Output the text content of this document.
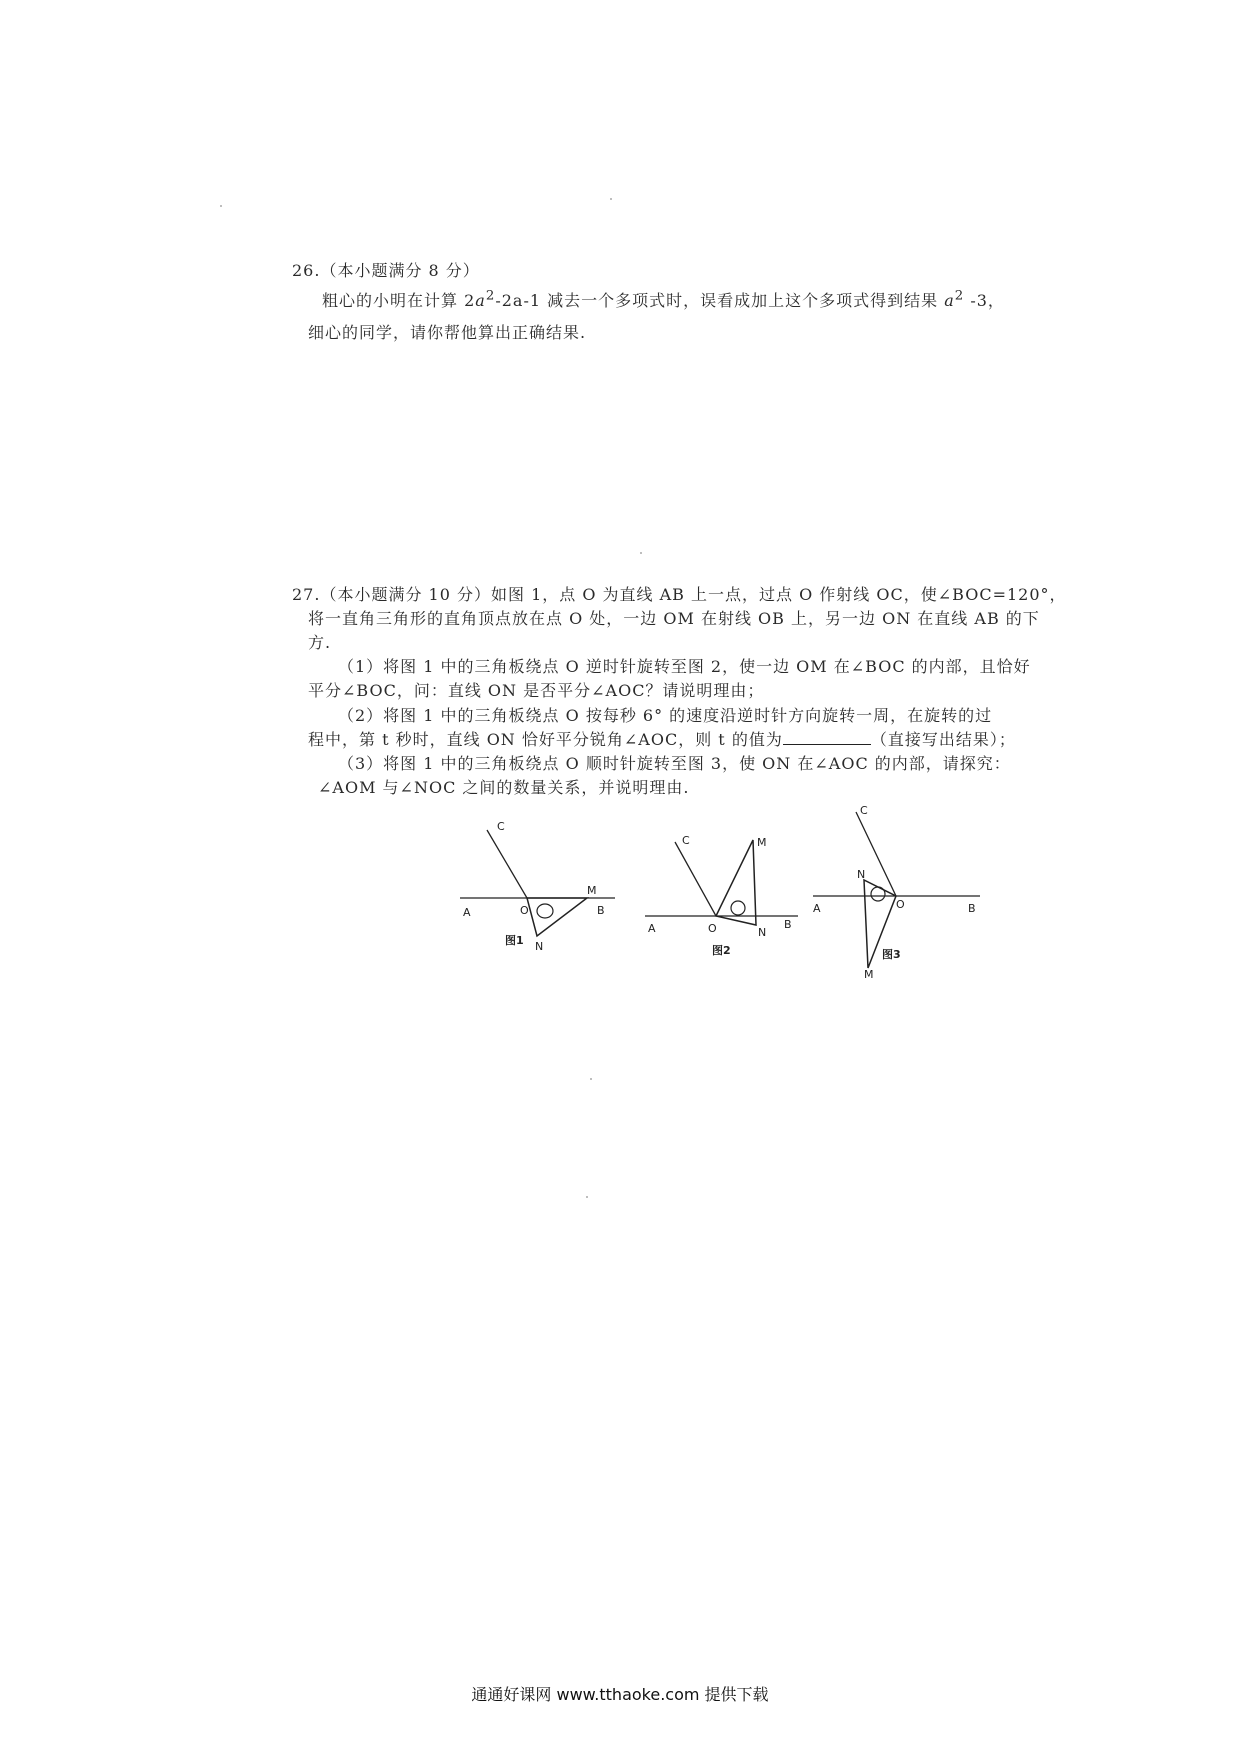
26.（本小题满分 8 分）
粗心的小明在计算 $2a^2-2a-1$ 减去一个多项式时，误看成加上这个多项式得到结果 $a^2$ -3，
细心的同学，请你帮他算出正确结果.
27.（本小题满分 10 分）如图 1，点 O 为直线 AB 上一点，过点 O 作射线 OC，使∠BOC=120°，
将一直角三角形的直角顶点放在点 O 处，一边 OM 在射线 OB 上，另一边 ON 在直线 AB 的下
方.
（1）将图 1 中的三角板绕点 O 逆时针旋转至图 2，使一边 OM 在∠BOC 的内部，且恰好
平分∠BOC，问：直线 ON 是否平分∠AOC？请说明理由；
（2）将图 1 中的三角板绕点 O 按每秒 6° 的速度沿逆时针方向旋转一周，在旋转的过
程中，第 t 秒时，直线 ON 恰好平分锐角∠AOC，则 t 的值为	（直接写出结果）；
（3）将图 1 中的三角板绕点 O 顺时针旋转至图 3，使 ON 在∠AOC 的内部，请探究：
∠AOM 与∠NOC 之间的数量关系，并说明理由.
C
A	O	B
M
N
图1
C
A	O	B
M
N
图2
C
A	O	B
N
M
图3
通通好课网 www.tthaoke.com 提供下载
